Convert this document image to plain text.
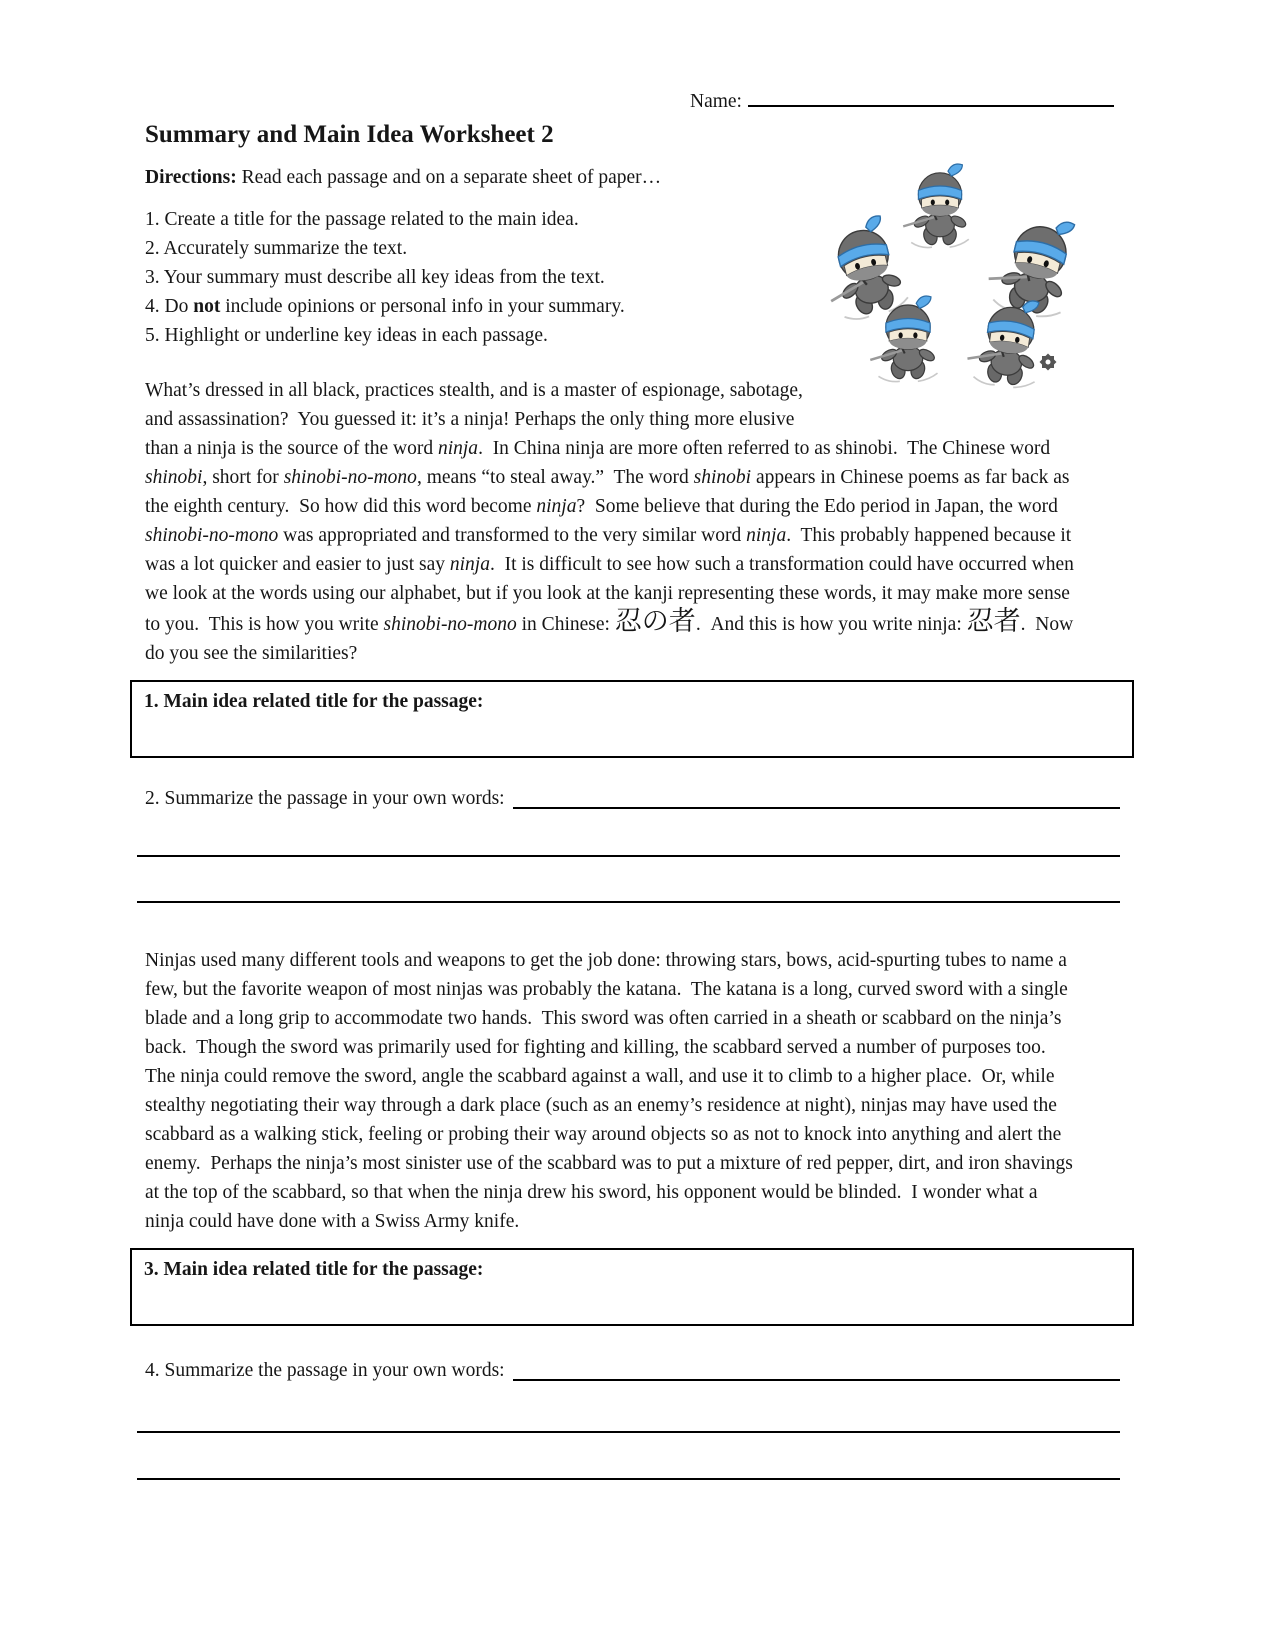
Name:
Summary and Main Idea Worksheet 2

Directions: Read each passage and on a separate sheet of paper…

1. Create a title for the passage related to the main idea.
2. Accurately summarize the text.
3. Your summary must describe all key ideas from the text.
4. Do not include opinions or personal info in your summary.
5. Highlight or underline key ideas in each passage.

What’s dressed in all black, practices stealth, and is a master of espionage, sabotage, and assassination?  You guessed it: it’s a ninja! Perhaps the only thing more elusive than a ninja is the source of the word ninja.  In China ninja are more often referred to as shinobi.  The Chinese word shinobi, short for shinobi-no-mono, means “to steal away.”  The word shinobi appears in Chinese poems as far back as the eighth century.  So how did this word become ninja?  Some believe that during the Edo period in Japan, the word shinobi-no-mono was appropriated and transformed to the very similar word ninja.  This probably happened because it was a lot quicker and easier to just say ninja.  It is difficult to see how such a transformation could have occurred when we look at the words using our alphabet, but if you look at the kanji representing these words, it may make more sense to you.  This is how you write shinobi-no-mono in Chinese: 忍の者.  And this is how you write ninja: 忍者.  Now do you see the similarities?

1. Main idea related title for the passage:
2. Summarize the passage in your own words:

Ninjas used many different tools and weapons to get the job done: throwing stars, bows, acid-spurting tubes to name a few, but the favorite weapon of most ninjas was probably the katana.  The katana is a long, curved sword with a single blade and a long grip to accommodate two hands.  This sword was often carried in a sheath or scabbard on the ninja’s back.  Though the sword was primarily used for fighting and killing, the scabbard served a number of purposes too.  The ninja could remove the sword, angle the scabbard against a wall, and use it to climb to a higher place.  Or, while stealthy negotiating their way through a dark place (such as an enemy’s residence at night), ninjas may have used the scabbard as a walking stick, feeling or probing their way around objects so as not to knock into anything and alert the enemy.  Perhaps the ninja’s most sinister use of the scabbard was to put a mixture of red pepper, dirt, and iron shavings at the top of the scabbard, so that when the ninja drew his sword, his opponent would be blinded.  I wonder what a ninja could have done with a Swiss Army knife.

3. Main idea related title for the passage:
4. Summarize the passage in your own words:
